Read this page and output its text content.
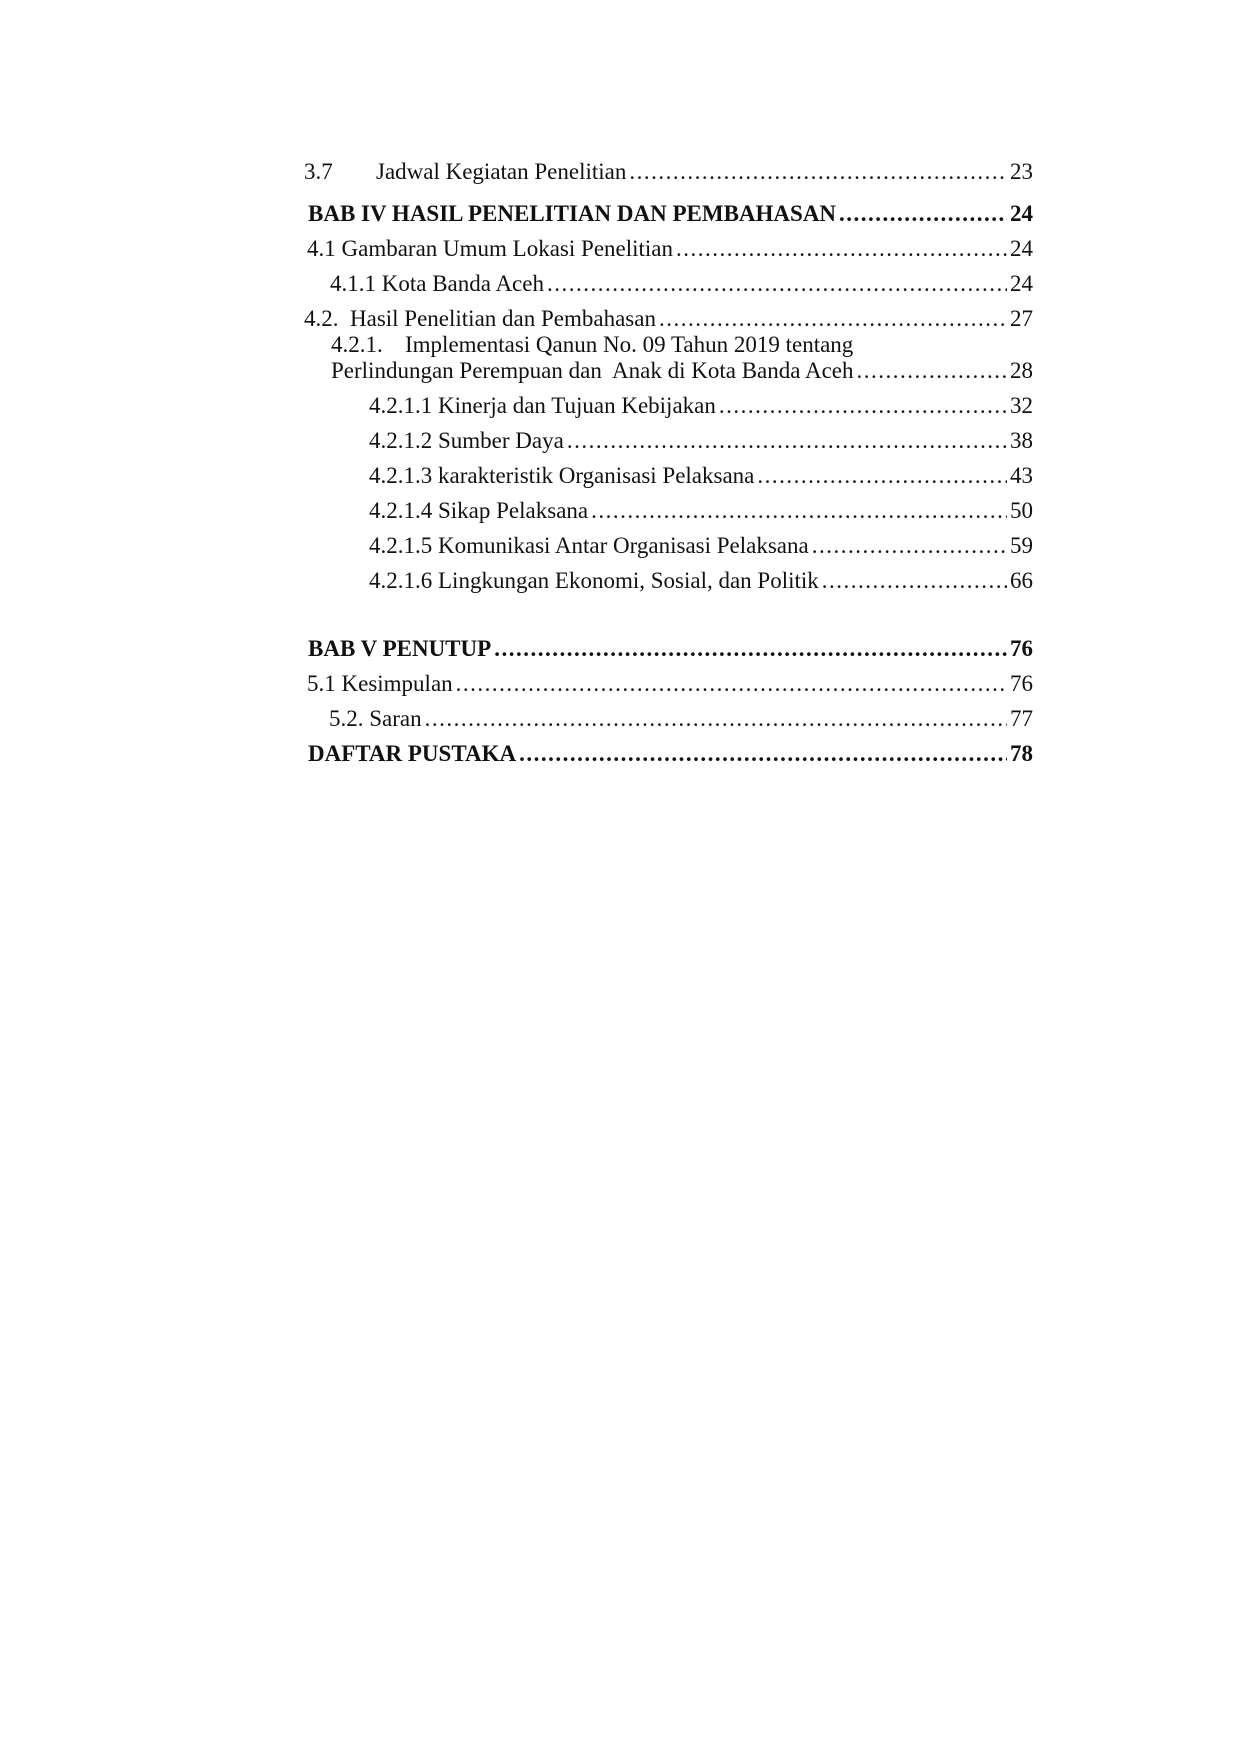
3.7 Jadwal Kegiatan Penelitian .....	23
BAB IV HASIL PENELITIAN DAN PEMBAHASAN .....	24
4.1 Gambaran Umum Lokasi Penelitian .....	24
4.1.1 Kota Banda Aceh .....	24
4.2.  Hasil Penelitian dan Pembahasan .....	27
4.2.1. Implementasi Qanun No. 09 Tahun 2019 tentang
Perlindungan Perempuan dan  Anak di Kota Banda Aceh .....	28
4.2.1.1 Kinerja dan Tujuan Kebijakan .....	32
4.2.1.2 Sumber Daya .....	38
4.2.1.3 karakteristik Organisasi Pelaksana .....	43
4.2.1.4 Sikap Pelaksana .....	50
4.2.1.5 Komunikasi Antar Organisasi Pelaksana .....	59
4.2.1.6 Lingkungan Ekonomi, Sosial, dan Politik .....	66
BAB V PENUTUP .....	76
5.1 Kesimpulan .....	76
5.2. Saran .....	77
DAFTAR PUSTAKA .....	78
